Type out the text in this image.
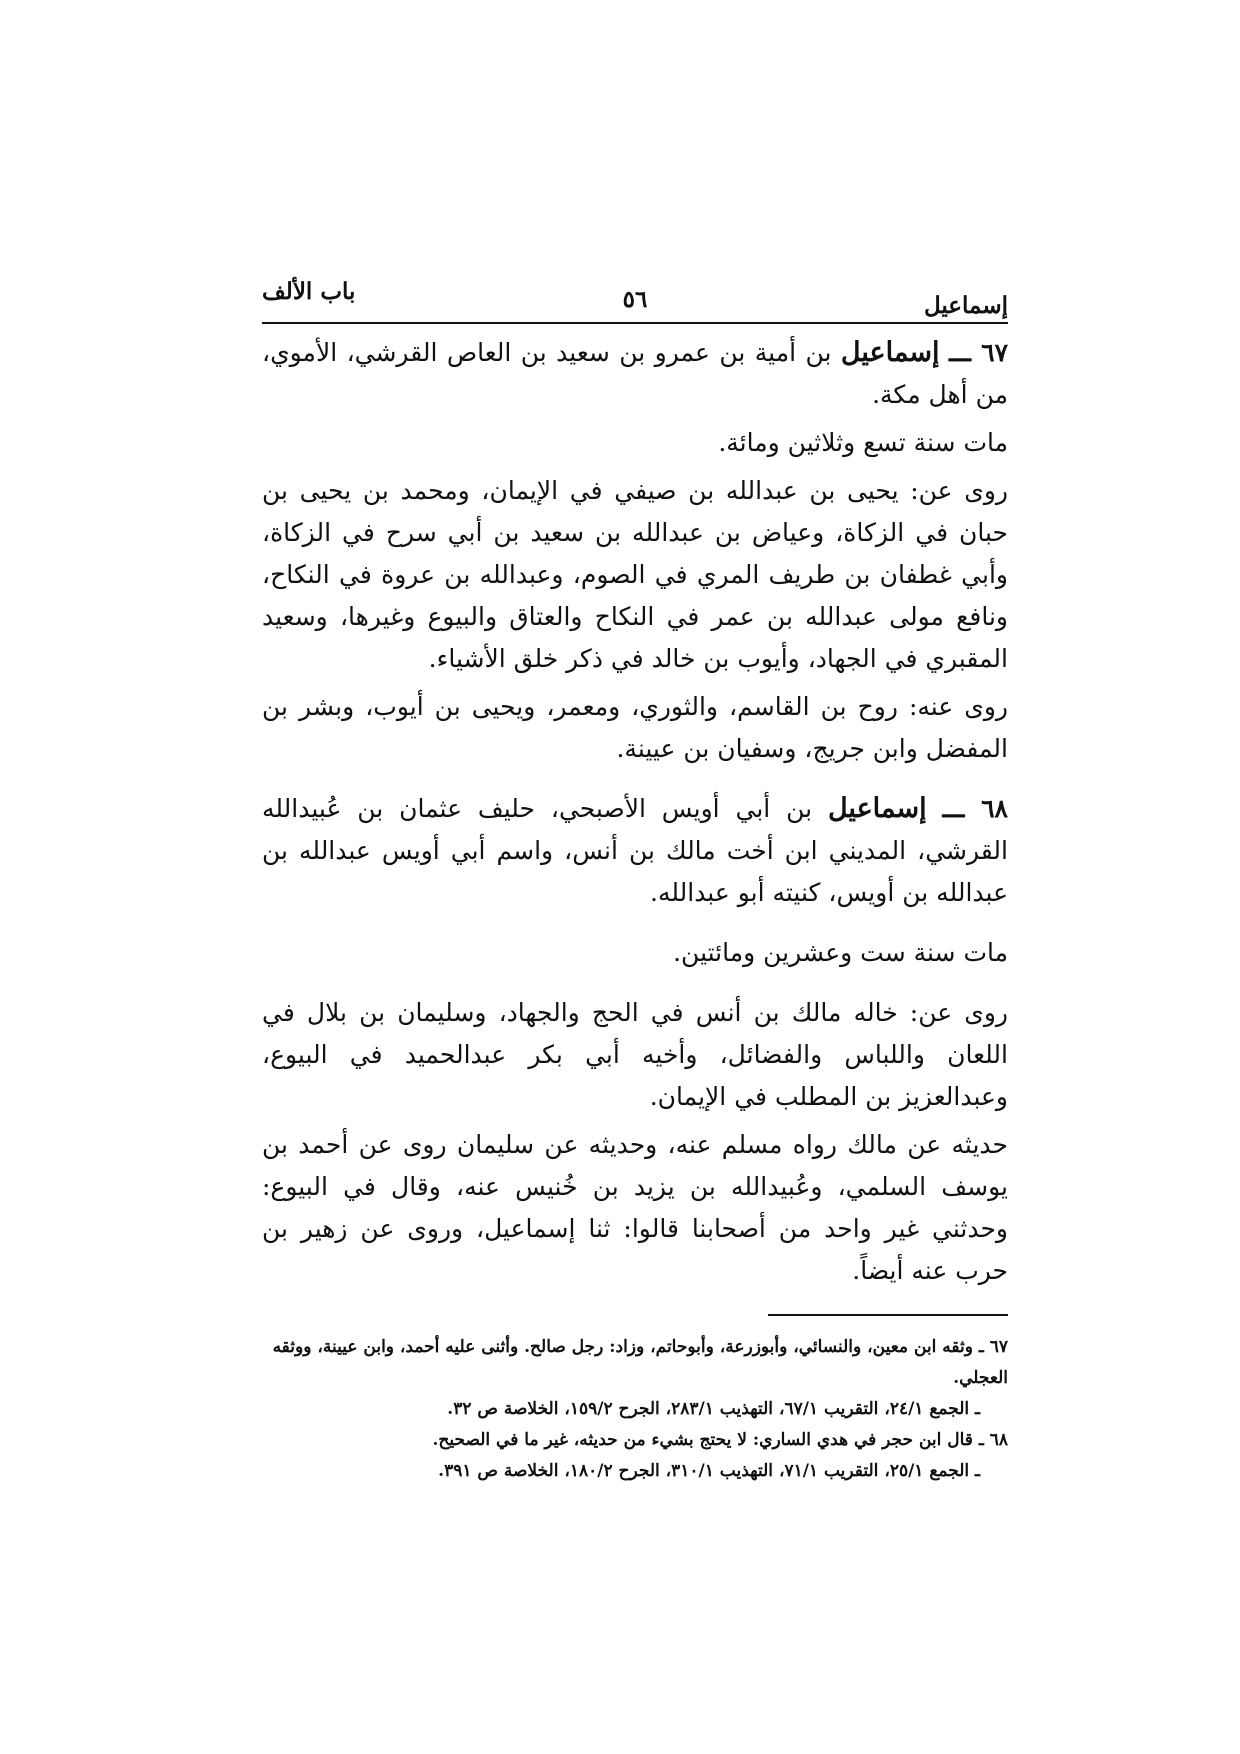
إسماعيل
٥٦
باب الألف

٦٧ ـــ إسماعيل بن أمية بن عمرو بن سعيد بن العاص القرشي، الأموي، من أهل مكة.

مات سنة تسع وثلاثين ومائة.

روى عن: يحيى بن عبدالله بن صيفي في الإيمان، ومحمد بن يحيى بن حبان في الزكاة، وعياض بن عبدالله بن سعيد بن أبي سرح في الزكاة، وأبي غطفان بن طريف المري في الصوم، وعبدالله بن عروة في النكاح، ونافع مولى عبدالله بن عمر في النكاح والعتاق والبيوع وغيرها، وسعيد المقبري في الجهاد، وأيوب بن خالد في ذكر خلق الأشياء.

روى عنه: روح بن القاسم، والثوري، ومعمر، ويحيى بن أيوب، وبشر بن المفضل وابن جريج، وسفيان بن عيينة.

٦٨ ـــ إسماعيل بن أبي أويس الأصبحي، حليف عثمان بن عُبيدالله القرشي، المديني ابن أخت مالك بن أنس، واسم أبي أويس عبدالله بن عبدالله بن أويس، كنيته أبو عبدالله.

مات سنة ست وعشرين ومائتين.

روى عن: خاله مالك بن أنس في الحج والجهاد، وسليمان بن بلال في اللعان واللباس والفضائل، وأخيه أبي بكر عبدالحميد في البيوع، وعبدالعزيز بن المطلب في الإيمان.

حديثه عن مالك رواه مسلم عنه، وحديثه عن سليمان روى عن أحمد بن يوسف السلمي، وعُبيدالله بن يزيد بن خُنيس عنه، وقال في البيوع: وحدثني غير واحد من أصحابنا قالوا: ثنا إسماعيل، وروى عن زهير بن حرب عنه أيضاً.

٦٧ ـ وثقه ابن معين، والنسائي، وأبوزرعة، وأبوحاتم، وزاد: رجل صالح. وأثنى عليه أحمد، وابن عيينة، ووثقه العجلي.

ـ الجمع ٢٤/١، التقريب ٦٧/١، التهذيب ٢٨٣/١، الجرح ١٥٩/٢، الخلاصة ص ٣٢.

٦٨ ـ قال ابن حجر في هدي الساري: لا يحتج بشيء من حديثه، غير ما في الصحيح.

ـ الجمع ٢٥/١، التقريب ٧١/١، التهذيب ٣١٠/١، الجرح ١٨٠/٢، الخلاصة ص ٣٩١.
